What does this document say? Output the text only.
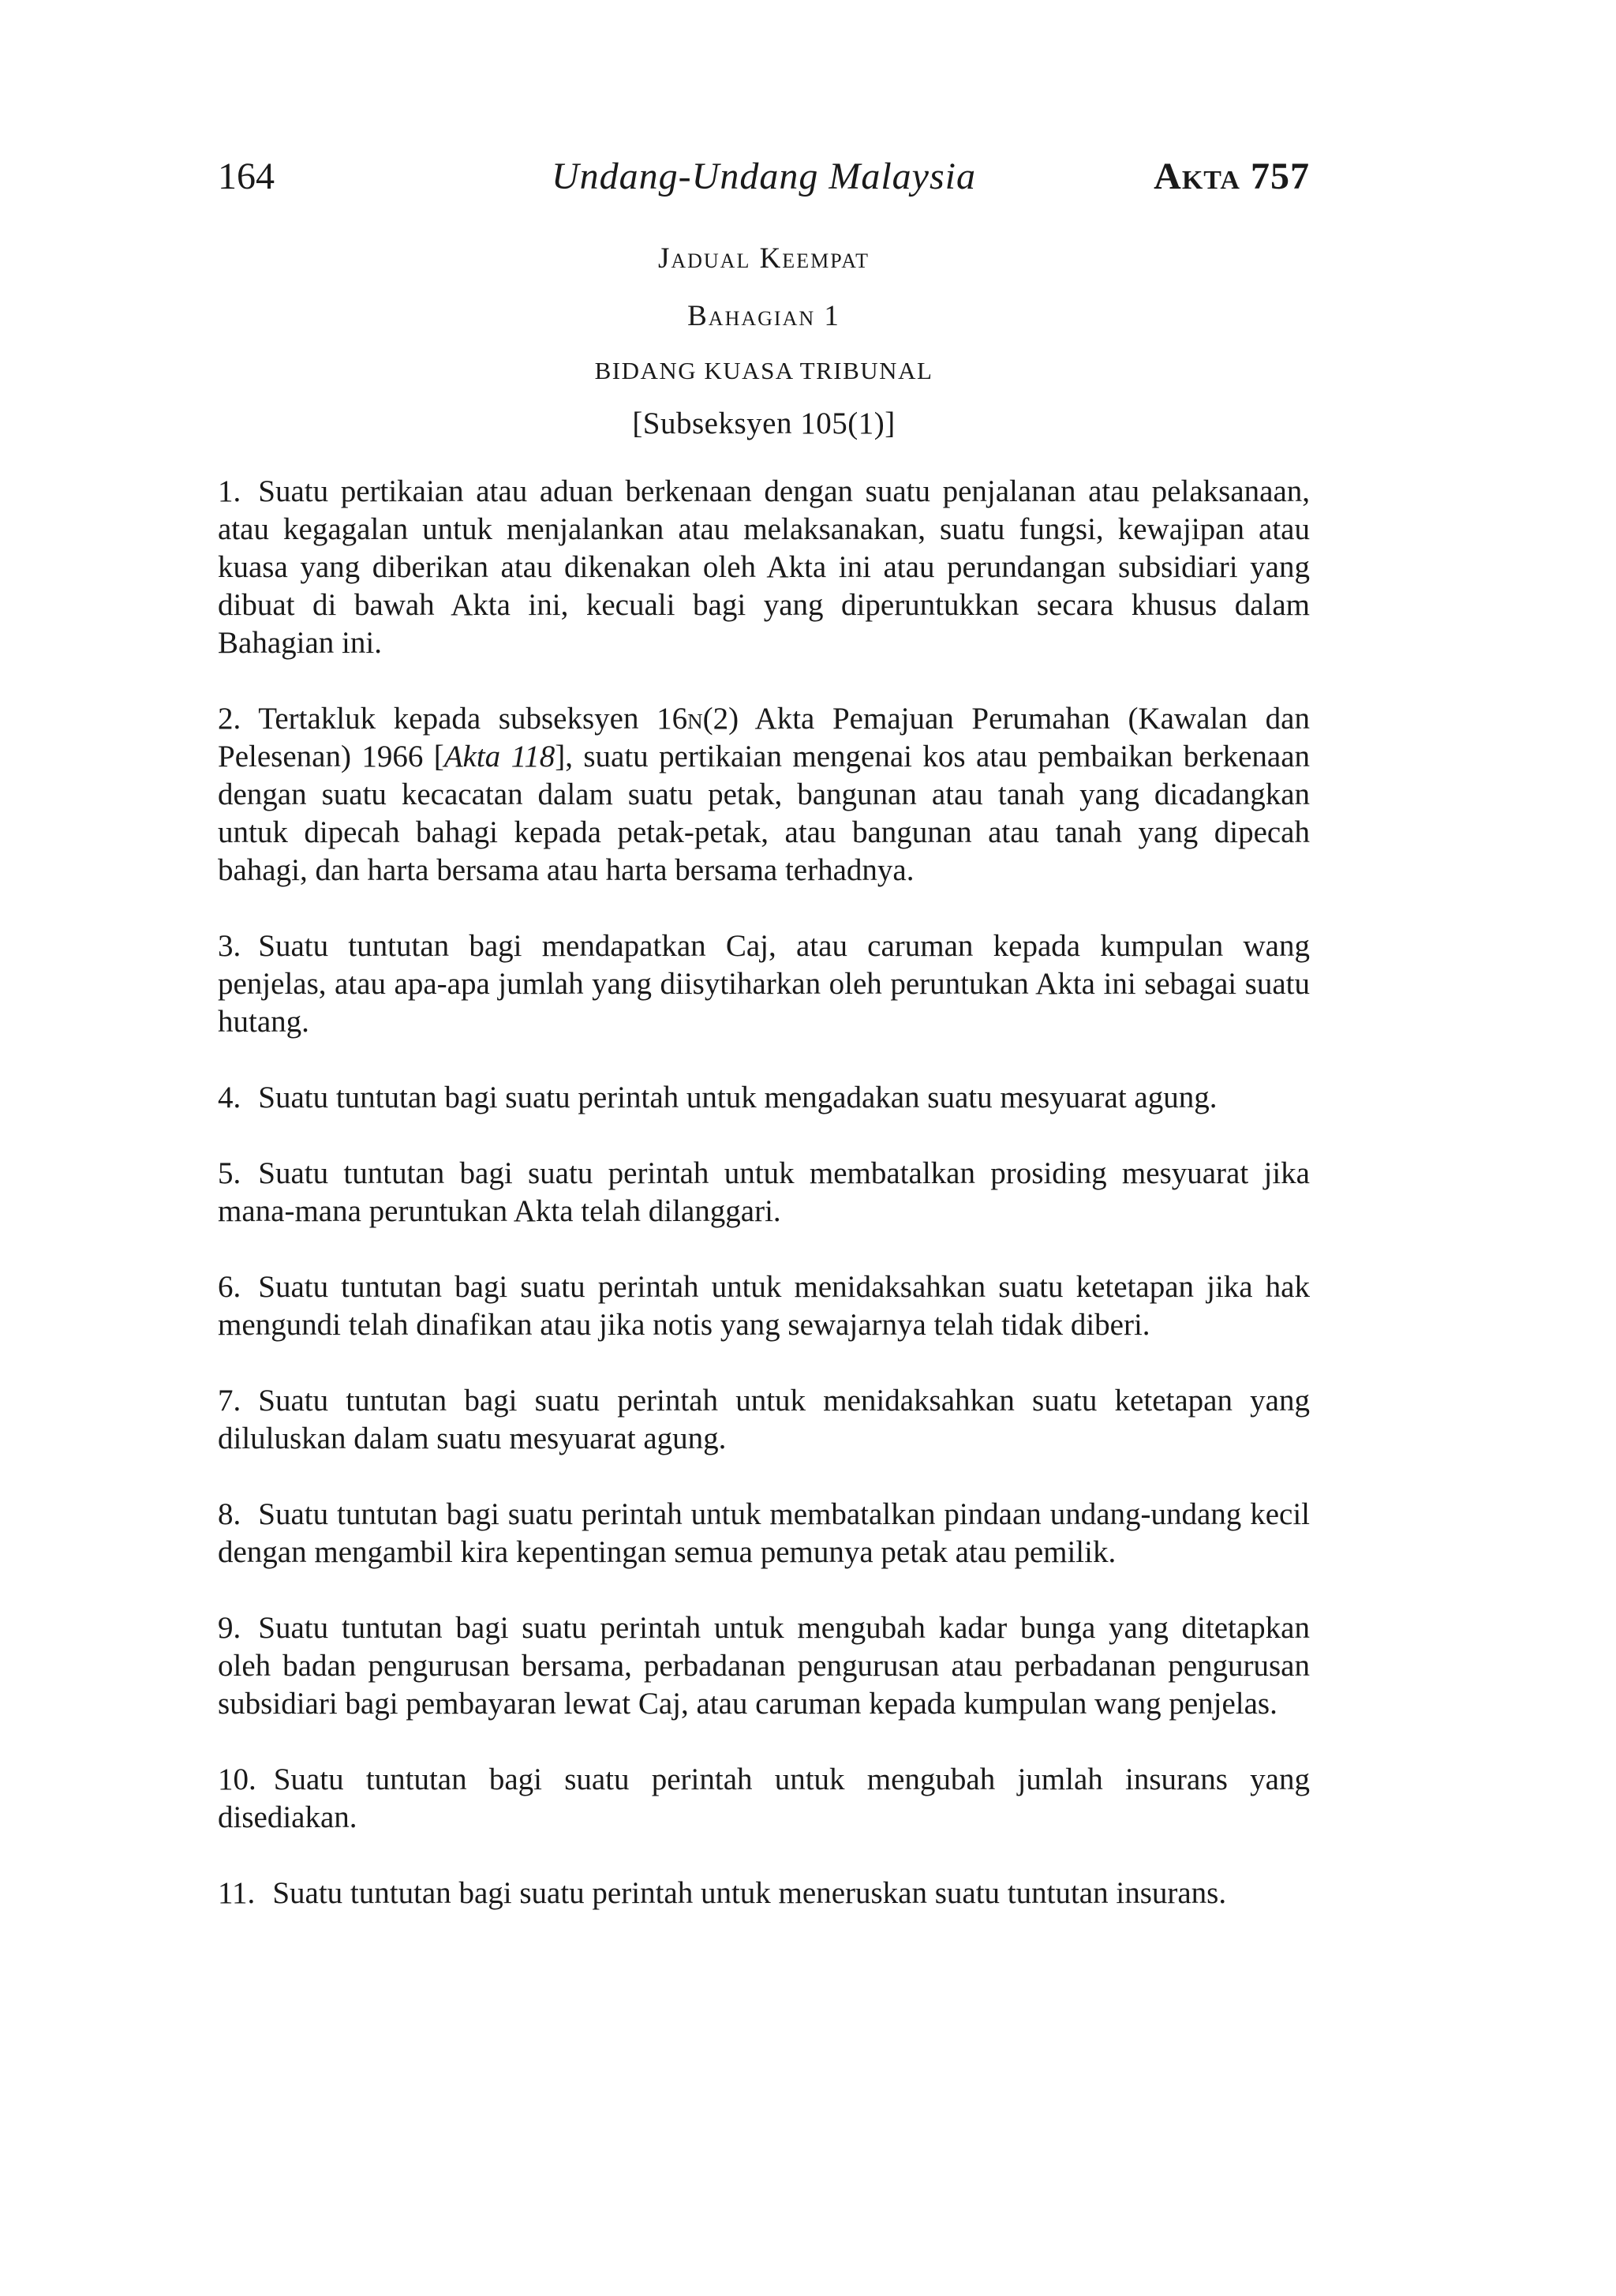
164	Undang-Undang Malaysia	Akta 757
Jadual Keempat
Bahagian 1
BIDANG KUASA TRIBUNAL
[Subseksyen 105(1)]

1. Suatu pertikaian atau aduan berkenaan dengan suatu penjalanan atau pelaksanaan, atau kegagalan untuk menjalankan atau melaksanakan, suatu fungsi, kewajipan atau kuasa yang diberikan atau dikenakan oleh Akta ini atau perundangan subsidiari yang dibuat di bawah Akta ini, kecuali bagi yang diperuntukkan secara khusus dalam Bahagian ini.

2. Tertakluk kepada subseksyen 16n(2) Akta Pemajuan Perumahan (Kawalan dan Pelesenan) 1966 [Akta 118], suatu pertikaian mengenai kos atau pembaikan berkenaan dengan suatu kecacatan dalam suatu petak, bangunan atau tanah yang dicadangkan untuk dipecah bahagi kepada petak-petak, atau bangunan atau tanah yang dipecah bahagi, dan harta bersama atau harta bersama terhadnya.

3. Suatu tuntutan bagi mendapatkan Caj, atau caruman kepada kumpulan wang penjelas, atau apa-apa jumlah yang diisytiharkan oleh peruntukan Akta ini sebagai suatu hutang.

4. Suatu tuntutan bagi suatu perintah untuk mengadakan suatu mesyuarat agung.

5. Suatu tuntutan bagi suatu perintah untuk membatalkan prosiding mesyuarat jika mana-mana peruntukan Akta telah dilanggari.

6. Suatu tuntutan bagi suatu perintah untuk menidaksahkan suatu ketetapan jika hak mengundi telah dinafikan atau jika notis yang sewajarnya telah tidak diberi.

7. Suatu tuntutan bagi suatu perintah untuk menidaksahkan suatu ketetapan yang diluluskan dalam suatu mesyuarat agung.

8. Suatu tuntutan bagi suatu perintah untuk membatalkan pindaan undang-undang kecil dengan mengambil kira kepentingan semua pemunya petak atau pemilik.

9. Suatu tuntutan bagi suatu perintah untuk mengubah kadar bunga yang ditetapkan oleh badan pengurusan bersama, perbadanan pengurusan atau perbadanan pengurusan subsidiari bagi pembayaran lewat Caj, atau caruman kepada kumpulan wang penjelas.

10. Suatu tuntutan bagi suatu perintah untuk mengubah jumlah insurans yang disediakan.

11. Suatu tuntutan bagi suatu perintah untuk meneruskan suatu tuntutan insurans.
